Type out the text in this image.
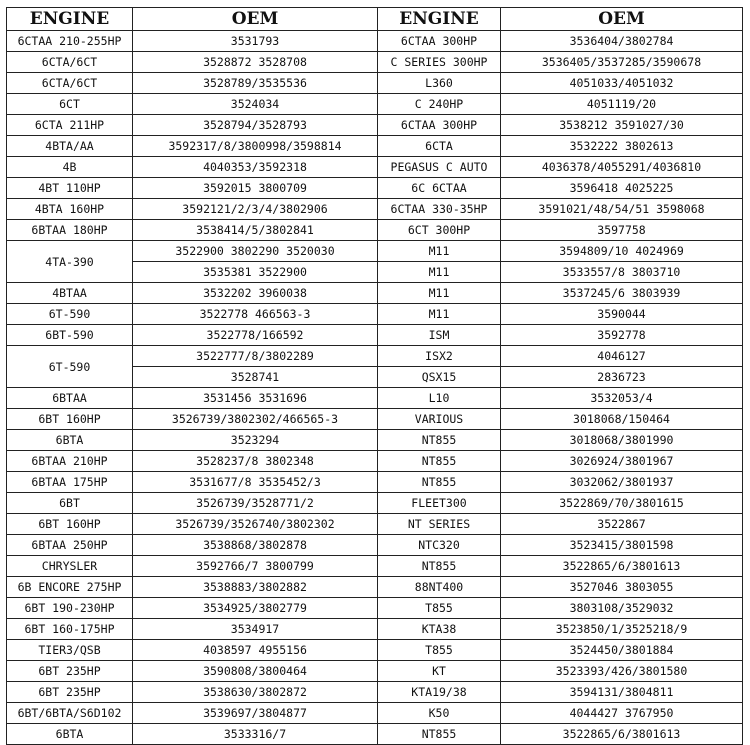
ENGINE	OEM	ENGINE	OEM
6CTAA 210-255HP	3531793	6CTAA 300HP	3536404/3802784
6CTA/6CT	3528872 3528708	C SERIES 300HP	3536405/3537285/3590678
6CTA/6CT	3528789/3535536	L360	4051033/4051032
6CT	3524034	C 240HP	4051119/20
6CTA 211HP	3528794/3528793	6CTAA 300HP	3538212 3591027/30
4BTA/AA	3592317/8/3800998/3598814	6CTA	3532222 3802613
4B	4040353/3592318	PEGASUS C AUTO	4036378/4055291/4036810
4BT 110HP	3592015 3800709	6C 6CTAA	3596418 4025225
4BTA 160HP	3592121/2/3/4/3802906	6CTAA 330-35HP	3591021/48/54/51 3598068
6BTAA 180HP	3538414/5/3802841	6CT 300HP	3597758
4TA-390	3522900 3802290 3520030	M11	3594809/10 4024969
	3535381 3522900	M11	3533557/8 3803710
4BTAA	3532202 3960038	M11	3537245/6 3803939
6T-590	3522778 466563-3	M11	3590044
6BT-590	3522778/166592	ISM	3592778
6T-590	3522777/8/3802289	ISX2	4046127
	3528741	QSX15	2836723
6BTAA	3531456 3531696	L10	3532053/4
6BT 160HP	3526739/3802302/466565-3	VARIOUS	3018068/150464
6BTA	3523294	NT855	3018068/3801990
6BTAA 210HP	3528237/8 3802348	NT855	3026924/3801967
6BTAA 175HP	3531677/8 3535452/3	NT855	3032062/3801937
6BT	3526739/3528771/2	FLEET300	3522869/70/3801615
6BT 160HP	3526739/3526740/3802302	NT SERIES	3522867
6BTAA 250HP	3538868/3802878	NTC320	3523415/3801598
CHRYSLER	3592766/7 3800799	NT855	3522865/6/3801613
6B ENCORE 275HP	3538883/3802882	88NT400	3527046 3803055
6BT 190-230HP	3534925/3802779	T855	3803108/3529032
6BT 160-175HP	3534917	KTA38	3523850/1/3525218/9
TIER3/QSB	4038597 4955156	T855	3524450/3801884
6BT 235HP	3590808/3800464	KT	3523393/426/3801580
6BT 235HP	3538630/3802872	KTA19/38	3594131/3804811
6BT/6BTA/S6D102	3539697/3804877	K50	4044427 3767950
6BTA	3533316/7	NT855	3522865/6/3801613
